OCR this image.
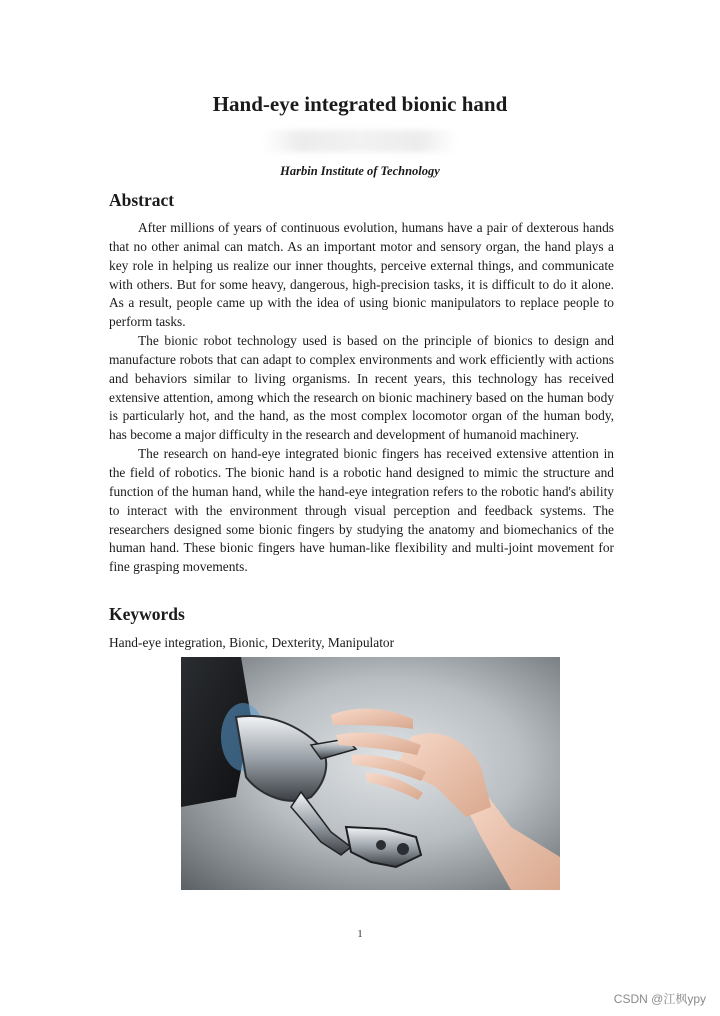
Hand-eye integrated bionic hand
Harbin Institute of Technology
Abstract

After millions of years of continuous evolution, humans have a pair of dexterous hands that no other animal can match. As an important motor and sensory organ, the hand plays a key role in helping us realize our inner thoughts, perceive external things, and communicate with others. But for some heavy, dangerous, high-precision tasks, it is difficult to do it alone. As a result, people came up with the idea of using bionic manipulators to replace people to perform tasks.

The bionic robot technology used is based on the principle of bionics to design and manufacture robots that can adapt to complex environments and work efficiently with actions and behaviors similar to living organisms. In recent years, this technology has received extensive attention, among which the research on bionic machinery based on the human body is particularly hot, and the hand, as the most complex locomotor organ of the human body, has become a major difficulty in the research and development of humanoid machinery.

The research on hand-eye integrated bionic fingers has received extensive attention in the field of robotics. The bionic hand is a robotic hand designed to mimic the structure and function of the human hand, while the hand-eye integration refers to the robotic hand's ability to interact with the environment through visual perception and feedback systems. The researchers designed some bionic fingers by studying the anatomy and biomechanics of the human hand. These bionic fingers have human-like flexibility and multi-joint movement for fine grasping movements.

Keywords
Hand-eye integration, Bionic, Dexterity, Manipulator
1
CSDN @江枫ypy
